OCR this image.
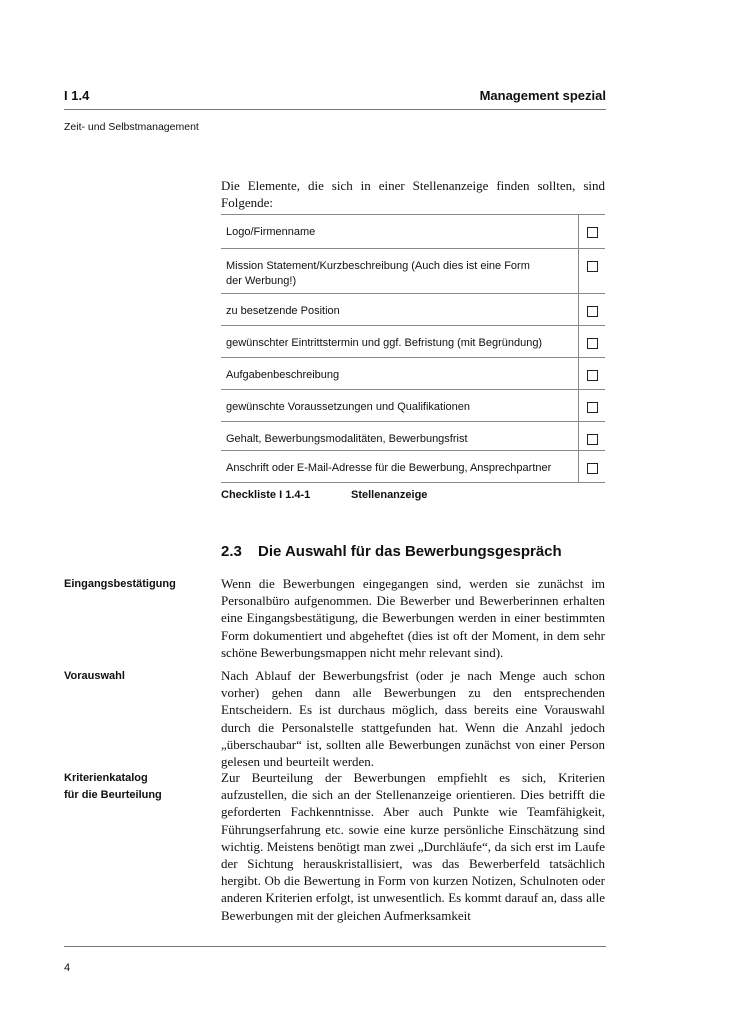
I 1.4	Management spezial
Zeit- und Selbstmanagement
Die Elemente, die sich in einer Stellenanzeige finden sollten, sind Folgende:
Logo/Firmenname	
Mission Statement/Kurzbeschreibung (Auch dies ist eine Form
der Werbung!)	
zu besetzende Position	
gewünschter Eintrittstermin und ggf. Befristung (mit Begründung)	
Aufgabenbeschreibung	
gewünschte Voraussetzungen und Qualifikationen	
Gehalt, Bewerbungsmodalitäten, Bewerbungsfrist	
Anschrift oder E-Mail-Adresse für die Bewerbung, Ansprechpartner	
Checkliste I 1.4-1	Stellenanzeige
2.3 Die Auswahl für das Bewerbungsgespräch
Eingangsbestätigung	Wenn die Bewerbungen eingegangen sind, werden sie zunächst im Personalbüro aufgenommen. Die Bewerber und Bewerberinnen erhalten eine Eingangsbestätigung, die Bewerbungen werden in einer bestimmten Form dokumentiert und abgeheftet (dies ist oft der Moment, in dem sehr schöne Bewerbungsmappen nicht mehr relevant sind).
Vorauswahl	Nach Ablauf der Bewerbungsfrist (oder je nach Menge auch schon vorher) gehen dann alle Bewerbungen zu den entsprechenden Entscheidern. Es ist durchaus möglich, dass bereits eine Vorauswahl durch die Personalstelle stattgefunden hat. Wenn die Anzahl jedoch „überschaubar“ ist, sollten alle Bewerbungen zunächst von einer Person gelesen und beurteilt werden.
Kriterienkatalog
für die Beurteilung
Zur Beurteilung der Bewerbungen empfiehlt es sich, Kriterien aufzustellen, die sich an der Stellenanzeige orientieren. Dies betrifft die geforderten Fachkenntnisse. Aber auch Punkte wie Teamfähigkeit, Führungserfahrung etc. sowie eine kurze persönliche Einschätzung sind wichtig. Meistens benötigt man zwei „Durchläufe“, da sich erst im Laufe der Sichtung herauskristallisiert, was das Bewerberfeld tatsächlich hergibt. Ob die Bewertung in Form von kurzen Notizen, Schulnoten oder anderen Kriterien erfolgt, ist unwesentlich. Es kommt darauf an, dass alle Bewerbungen mit der gleichen Aufmerksamkeit
4
